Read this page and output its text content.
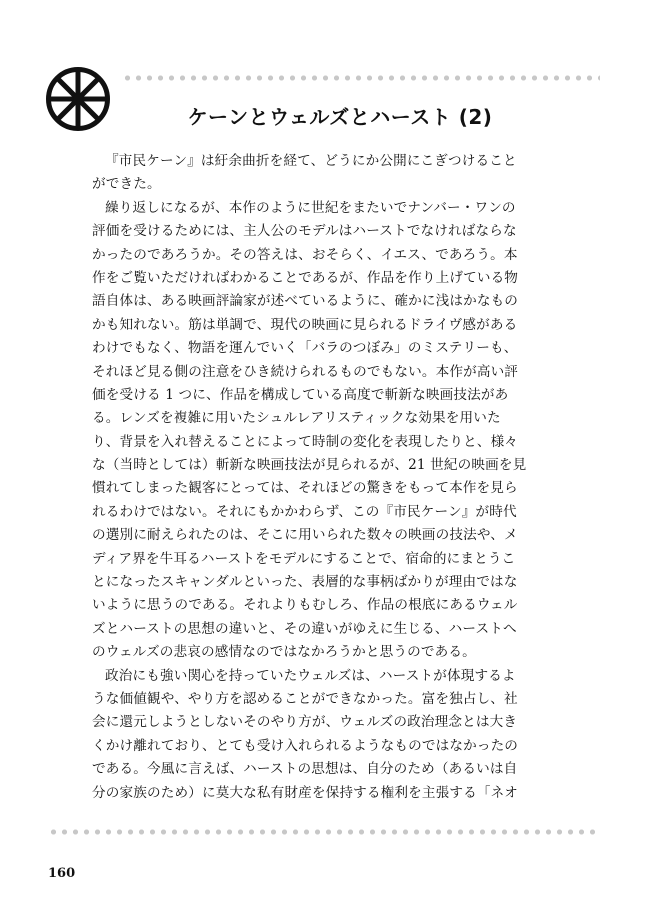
ケーンとウェルズとハースト (2)
『市民ケーン』は紆余曲折を経て、どうにか公開にこぎつけること
ができた。
繰り返しになるが、本作のように世紀をまたいでナンバー・ワンの
評価を受けるためには、主人公のモデルはハーストでなければならな
かったのであろうか。その答えは、おそらく、イエス、であろう。本
作をご覧いただければわかることであるが、作品を作り上げている物
語自体は、ある映画評論家が述べているように、確かに浅はかなもの
かも知れない。筋は単調で、現代の映画に見られるドライヴ感がある
わけでもなく、物語を運んでいく「バラのつぼみ」のミステリーも、
それほど見る側の注意をひき続けられるものでもない。本作が高い評
価を受ける 1 つに、作品を構成している高度で斬新な映画技法があ
る。レンズを複雑に用いたシュルレアリスティックな効果を用いた
り、背景を入れ替えることによって時制の変化を表現したりと、様々
な（当時としては）斬新な映画技法が見られるが、21 世紀の映画を見
慣れてしまった観客にとっては、それほどの驚きをもって本作を見ら
れるわけではない。それにもかかわらず、この『市民ケーン』が時代
の選別に耐えられたのは、そこに用いられた数々の映画の技法や、メ
ディア界を牛耳るハーストをモデルにすることで、宿命的にまとうこ
とになったスキャンダルといった、表層的な事柄ばかりが理由ではな
いように思うのである。それよりもむしろ、作品の根底にあるウェル
ズとハーストの思想の違いと、その違いがゆえに生じる、ハーストへ
のウェルズの悲哀の感情なのではなかろうかと思うのである。
政治にも強い関心を持っていたウェルズは、ハーストが体現するよ
うな価値観や、やり方を認めることができなかった。富を独占し、社
会に還元しようとしないそのやり方が、ウェルズの政治理念とは大き
くかけ離れており、とても受け入れられるようなものではなかったの
である。今風に言えば、ハーストの思想は、自分のため（あるいは自
分の家族のため）に莫大な私有財産を保持する権利を主張する「ネオ
160
